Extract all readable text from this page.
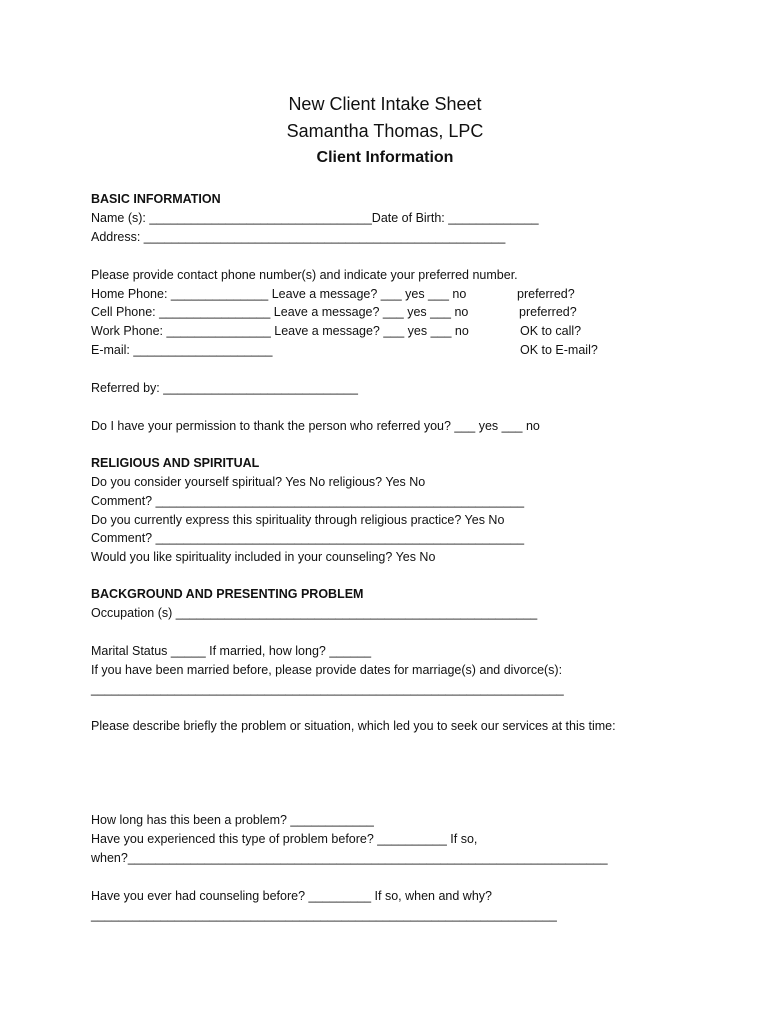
New Client Intake Sheet
Samantha Thomas, LPC
Client Information
BASIC INFORMATION
Name (s): ________________________________Date of Birth: _____________
Address: ____________________________________________________
Please provide contact phone number(s) and indicate your preferred number.
Home Phone: ______________ Leave a message? ___ yes ___ no	preferred?
Cell Phone: ________________ Leave a message? ___ yes ___ no	preferred?
Work Phone: _______________ Leave a message? ___ yes ___ no	OK to call?
E-mail: ____________________	OK to E-mail?
Referred by: ____________________________
Do I have your permission to thank the person who referred you? ___ yes ___ no
RELIGIOUS AND SPIRITUAL
Do you consider yourself spiritual? Yes No religious? Yes No
Comment? _____________________________________________________
Do you currently express this spirituality through religious practice? Yes No
Comment? _____________________________________________________
Would you like spirituality included in your counseling? Yes No
BACKGROUND AND PRESENTING PROBLEM
Occupation (s) ____________________________________________________
Marital Status _____ If married, how long? ______
If you have been married before, please provide dates for marriage(s) and divorce(s):
____________________________________________________________________
Please describe briefly the problem or situation, which led you to seek our services at this time:
How long has this been a problem? ____________
Have you experienced this type of problem before? __________ If so,
when?_____________________________________________________________________
Have you ever had counseling before? _________ If so, when and why?
___________________________________________________________________
